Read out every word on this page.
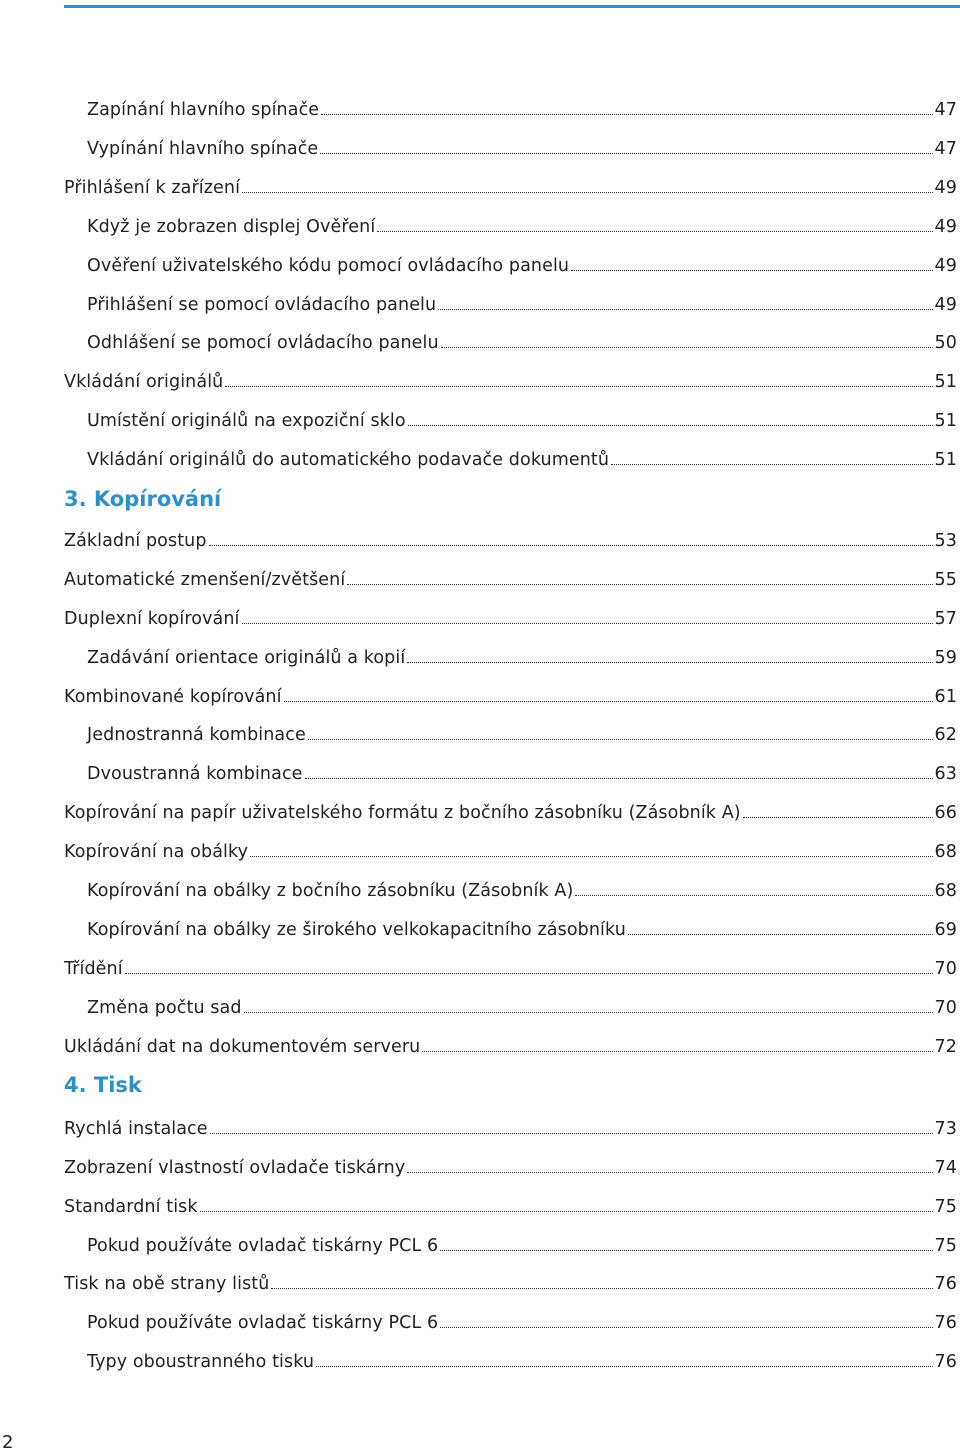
Zapínání hlavního spínače	47
Vypínání hlavního spínače	47
Přihlášení k zařízení	49
Když je zobrazen displej Ověření	49
Ověření uživatelského kódu pomocí ovládacího panelu	49
Přihlášení se pomocí ovládacího panelu	49
Odhlášení se pomocí ovládacího panelu	50
Vkládání originálů	51
Umístění originálů na expoziční sklo	51
Vkládání originálů do automatického podavače dokumentů	51
3. Kopírování
Základní postup	53
Automatické zmenšení/zvětšení	55
Duplexní kopírování	57
Zadávání orientace originálů a kopií	59
Kombinované kopírování	61
Jednostranná kombinace	62
Dvoustranná kombinace	63
Kopírování na papír uživatelského formátu z bočního zásobníku (Zásobník A)	66
Kopírování na obálky	68
Kopírování na obálky z bočního zásobníku (Zásobník A)	68
Kopírování na obálky ze širokého velkokapacitního zásobníku	69
Třídění	70
Změna počtu sad	70
Ukládání dat na dokumentovém serveru	72
4. Tisk
Rychlá instalace	73
Zobrazení vlastností ovladače tiskárny	74
Standardní tisk	75
Pokud používáte ovladač tiskárny PCL 6	75
Tisk na obě strany listů	76
Pokud používáte ovladač tiskárny PCL 6	76
Typy oboustranného tisku	76
2
